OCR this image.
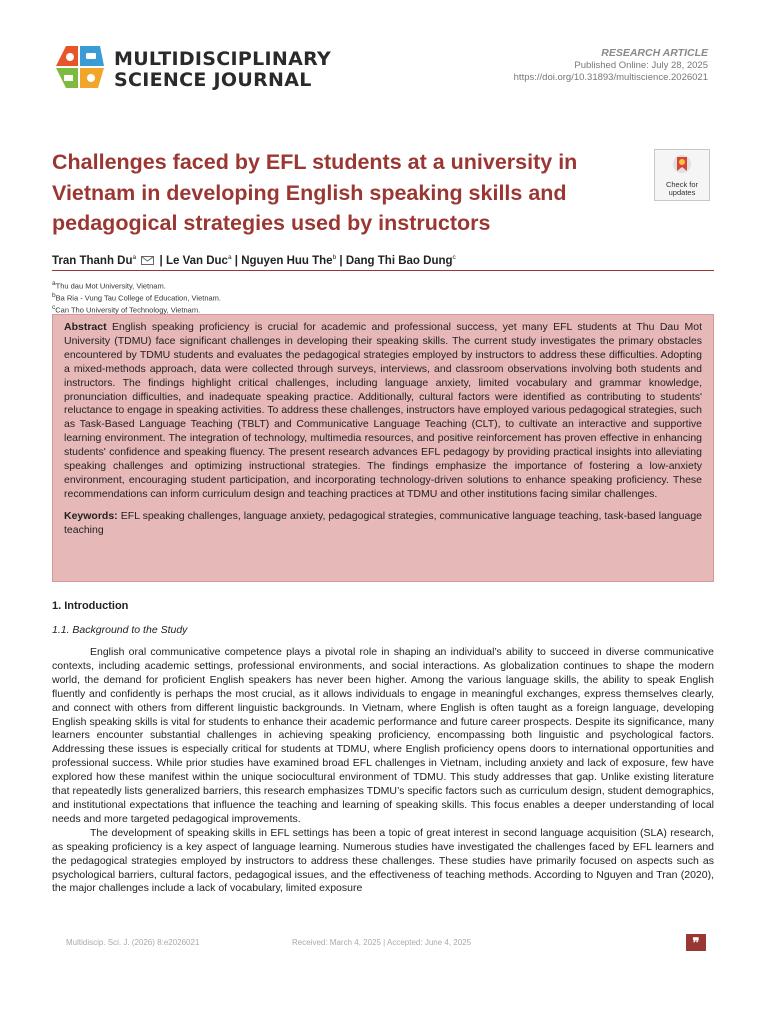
MULTIDISCIPLINARY
SCIENCE JOURNAL
RESEARCH ARTICLE
Published Online: July 28, 2025
https://doi.org/10.31893/multiscience.2026021
Challenges faced by EFL students at a university in Vietnam in developing English speaking skills and pedagogical strategies used by instructors
Check for
updates
Tran Thanh Du$^a$  | Le Van Duc$^a$ | Nguyen Huu The$^b$ | Dang Thi Bao Dung$^c$
$^a$Thu dau Mot University, Vietnam.
$^b$Ba Ria - Vung Tau College of Education, Vietnam.
$^c$Can Tho University of Technology, Vietnam.
Abstract English speaking proficiency is crucial for academic and professional success, yet many EFL students at Thu Dau Mot University (TDMU) face significant challenges in developing their speaking skills. The current study investigates the primary obstacles encountered by TDMU students and evaluates the pedagogical strategies employed by instructors to address these difficulties. Adopting a mixed-methods approach, data were collected through surveys, interviews, and classroom observations involving both students and instructors. The findings highlight critical challenges, including language anxiety, limited vocabulary and grammar knowledge, pronunciation difficulties, and inadequate speaking practice. Additionally, cultural factors were identified as contributing to students' reluctance to engage in speaking activities. To address these challenges, instructors have employed various pedagogical strategies, such as Task-Based Language Teaching (TBLT) and Communicative Language Teaching (CLT), to cultivate an interactive and supportive learning environment. The integration of technology, multimedia resources, and positive reinforcement has proven effective in enhancing students' confidence and speaking fluency. The present research advances EFL pedagogy by providing practical insights into alleviating speaking challenges and optimizing instructional strategies. The findings emphasize the importance of fostering a low-anxiety environment, encouraging student participation, and incorporating technology-driven solutions to enhance speaking proficiency. These recommendations can inform curriculum design and teaching practices at TDMU and other institutions facing similar challenges.
Keywords: EFL speaking challenges, language anxiety, pedagogical strategies, communicative language teaching, task-based language teaching
1. Introduction
1.1. Background to the Study

English oral communicative competence plays a pivotal role in shaping an individual’s ability to succeed in diverse communicative contexts, including academic settings, professional environments, and social interactions. As globalization continues to shape the modern world, the demand for proficient English speakers has never been higher. Among the various language skills, the ability to speak English fluently and confidently is perhaps the most crucial, as it allows individuals to engage in meaningful exchanges, express themselves clearly, and connect with others from different linguistic backgrounds. In Vietnam, where English is often taught as a foreign language, developing English speaking skills is vital for students to enhance their academic performance and future career prospects. Despite its significance, many learners encounter substantial challenges in achieving speaking proficiency, encompassing both linguistic and psychological factors. Addressing these issues is especially critical for students at TDMU, where English proficiency opens doors to international opportunities and professional success. While prior studies have examined broad EFL challenges in Vietnam, including anxiety and lack of exposure, few have explored how these manifest within the unique sociocultural environment of TDMU. This study addresses that gap. Unlike existing literature that repeatedly lists generalized barriers, this research emphasizes TDMU’s specific factors such as curriculum design, student demographics, and institutional expectations that influence the teaching and learning of speaking skills. This focus enables a deeper understanding of local needs and more targeted pedagogical improvements.

The development of speaking skills in EFL settings has been a topic of great interest in second language acquisition (SLA) research, as speaking proficiency is a key aspect of language learning. Numerous studies have investigated the challenges faced by EFL learners and the pedagogical strategies employed by instructors to address these challenges. These studies have primarily focused on aspects such as psychological barriers, cultural factors, pedagogical issues, and the effectiveness of teaching methods. According to Nguyen and Tran (2020), the major challenges include a lack of vocabulary, limited exposure

Multidiscip. Sci. J. (2026) 8:e2026021	Received: March 4, 2025 | Accepted: June 4, 2025	❞
